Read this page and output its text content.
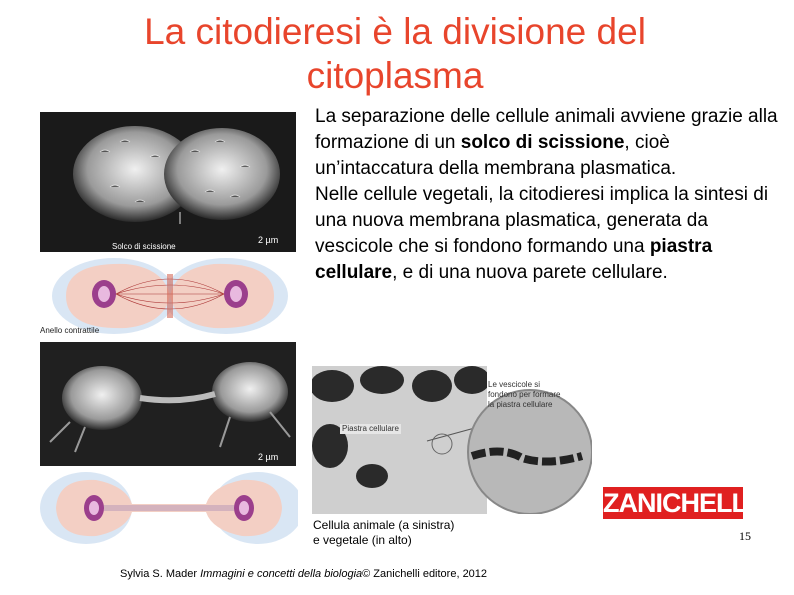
La citodieresi è la divisione del
citoplasma

La separazione delle cellule animali avviene grazie alla formazione di un solco di scissione, cioè un’intaccatura della membrana plasmatica.

Nelle cellule vegetali, la citodieresi implica la sintesi di una nuova membrana plasmatica, generata da vescicole che si fondono formando una piastra cellulare, e di una nuova parete cellulare.

2 µm
Solco di scissione
Anello contrattile
2 µm
Piastra cellulare
Le vescicole si fondono per formare la piastra cellulare
Cellula animale (a sinistra)
e vegetale (in alto)
ZANICHELLI
15
Sylvia S. Mader Immagini e concetti della biologia© Zanichelli editore, 2012
